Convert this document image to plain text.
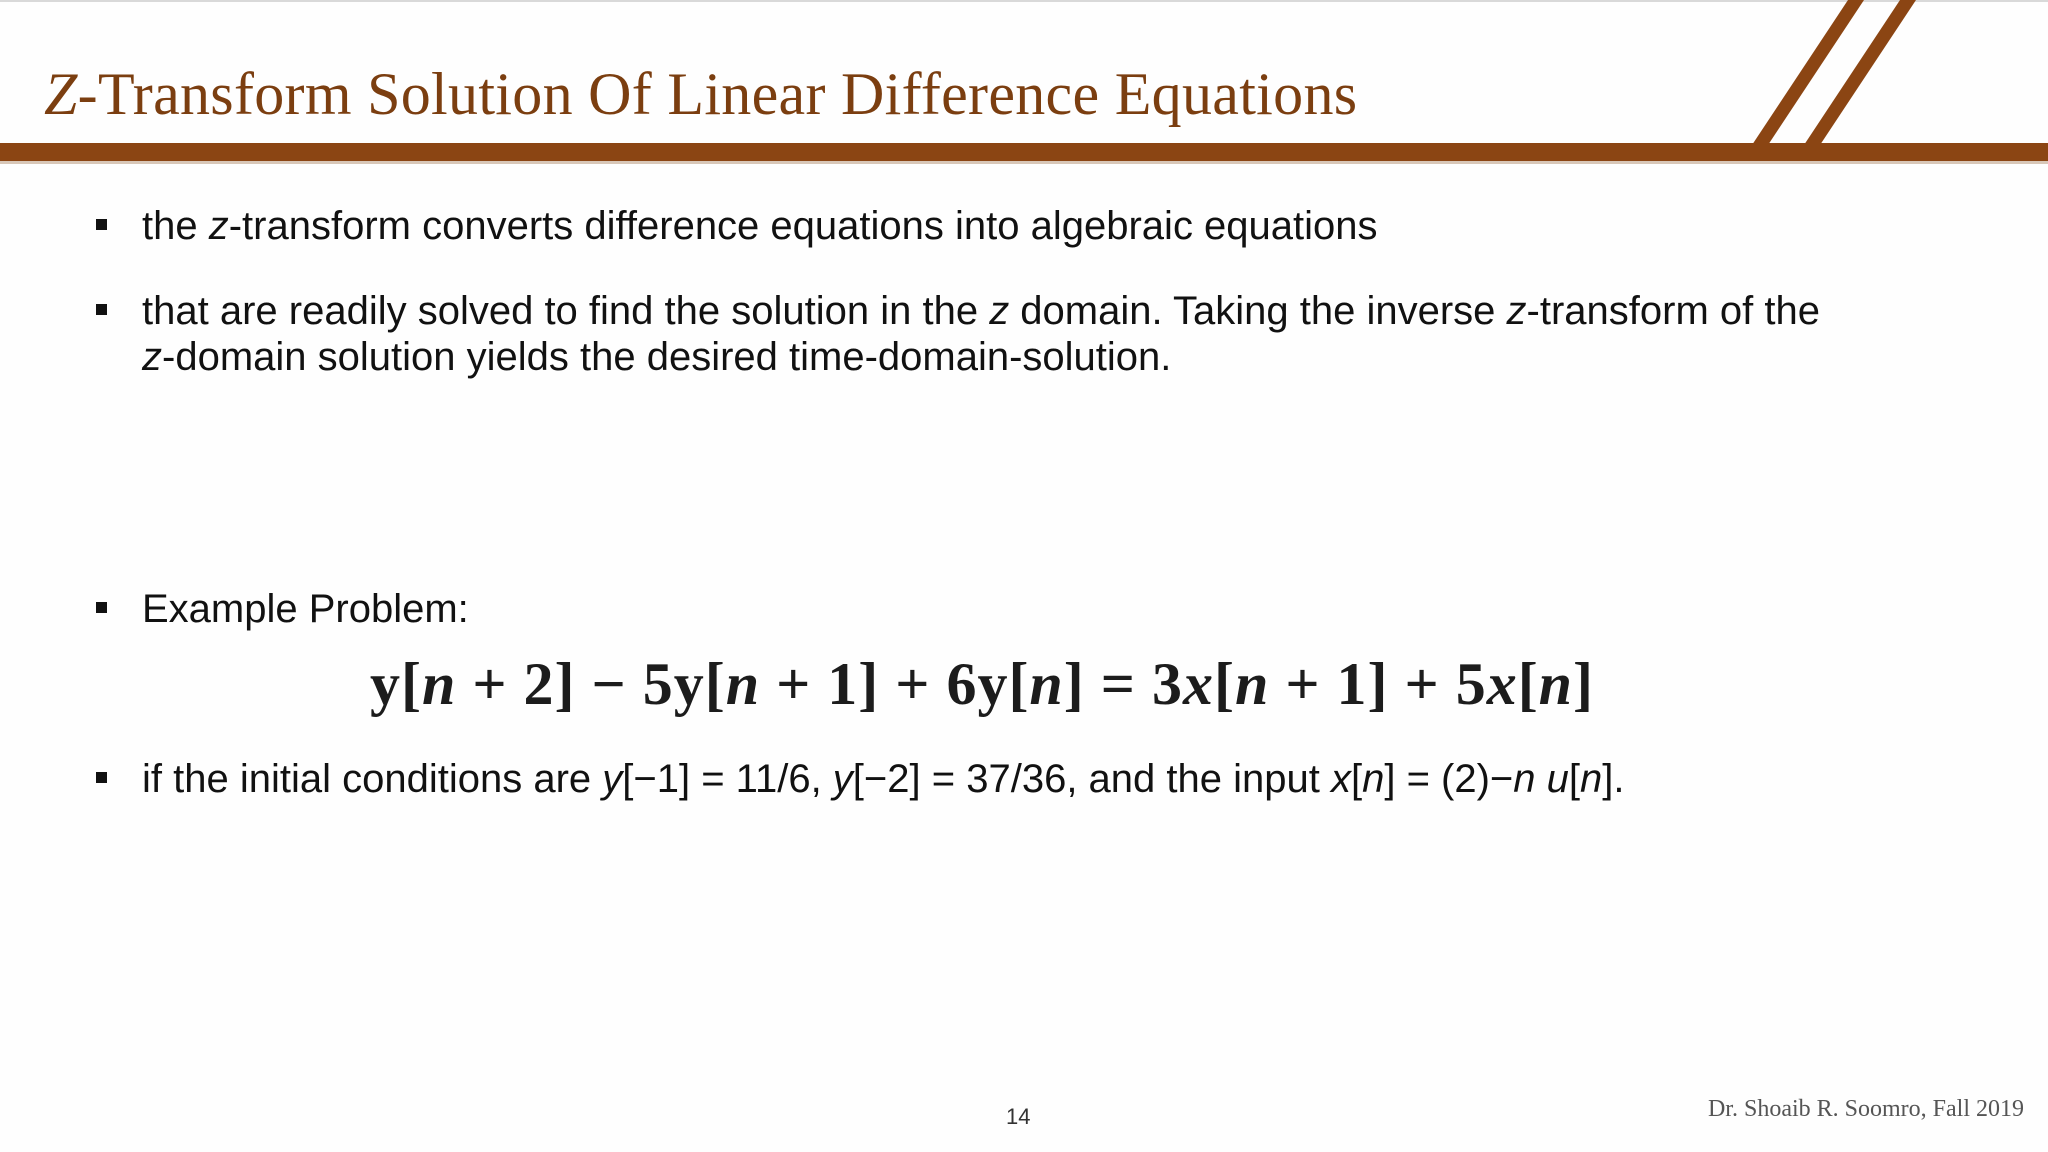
Z-Transform Solution Of Linear Difference Equations
the z-transform converts difference equations into algebraic equations
that are readily solved to find the solution in the z domain. Taking the inverse z-transform of the
z-domain solution yields the desired time-domain-solution.
Example Problem:
y[n + 2] − 5y[n + 1] + 6y[n] = 3x[n + 1] + 5x[n]
if the initial conditions are y[−1] = 11/6, y[−2] = 37/36, and the input x[n] = (2)−n u[n].
14	Dr. Shoaib R. Soomro, Fall 2019
